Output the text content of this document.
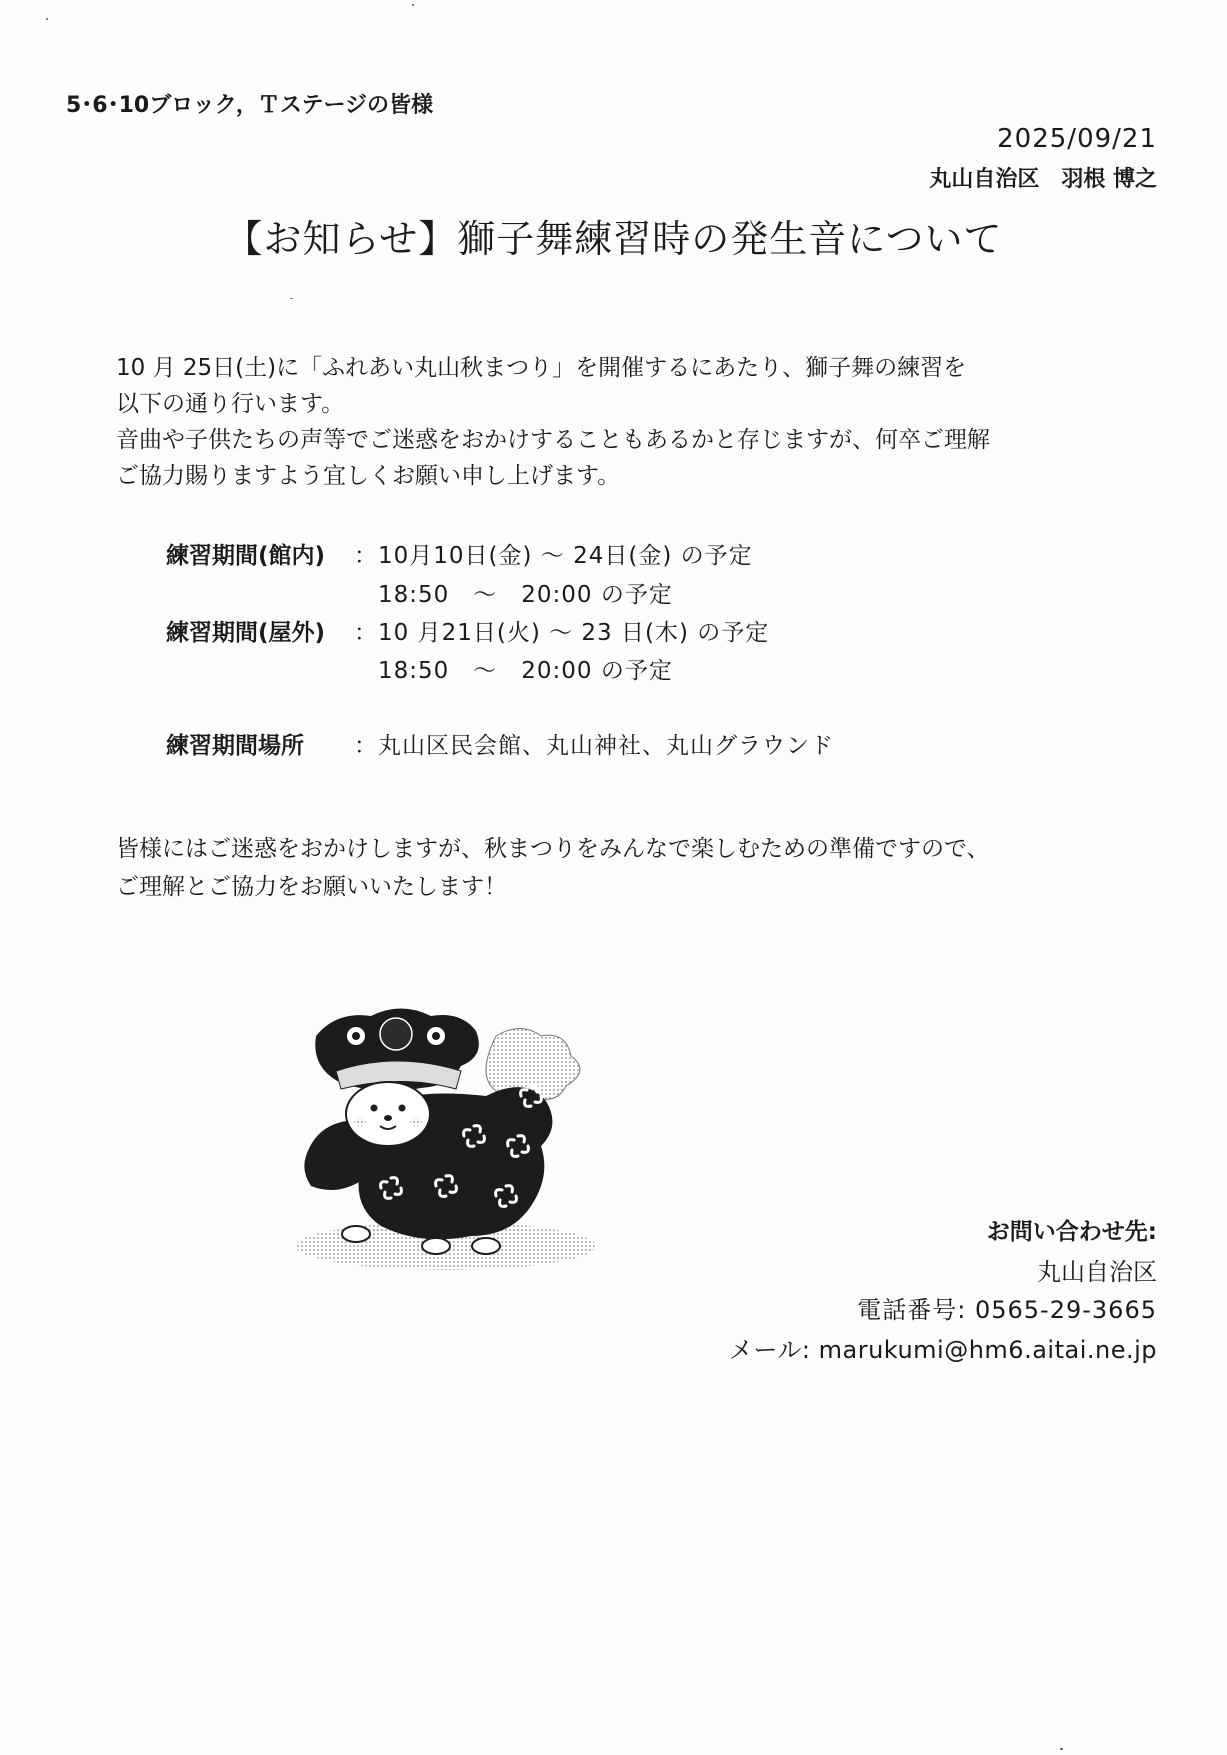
5･6･10ブロック，Ｔステージの皆様
2025/09/21
丸山自治区　羽根 博之
【お知らせ】獅子舞練習時の発生音について

10 月 25日(土)に「ふれあい丸山秋まつり」を開催するにあたり、獅子舞の練習を

以下の通り行います。

音曲や子供たちの声等でご迷惑をおかけすることもあるかと存じますが、何卒ご理解

ご協力賜りますよう宜しくお願い申し上げます。

練習期間(館内) ： 10月10日(金) ～ 24日(金) の予定
18:50　～　20:00 の予定
練習期間(屋外) ： 10 月21日(火) ～ 23 日(木) の予定
18:50　～　20:00 の予定
練習期間場所 ： 丸山区民会館、丸山神社、丸山グラウンド

皆様にはご迷惑をおかけしますが、秋まつりをみんなで楽しむための準備ですので、

ご理解とご協力をお願いいたします！

お問い合わせ先:
丸山自治区
電話番号: 0565-29-3665
メール: marukumi@hm6.aitai.ne.jp
